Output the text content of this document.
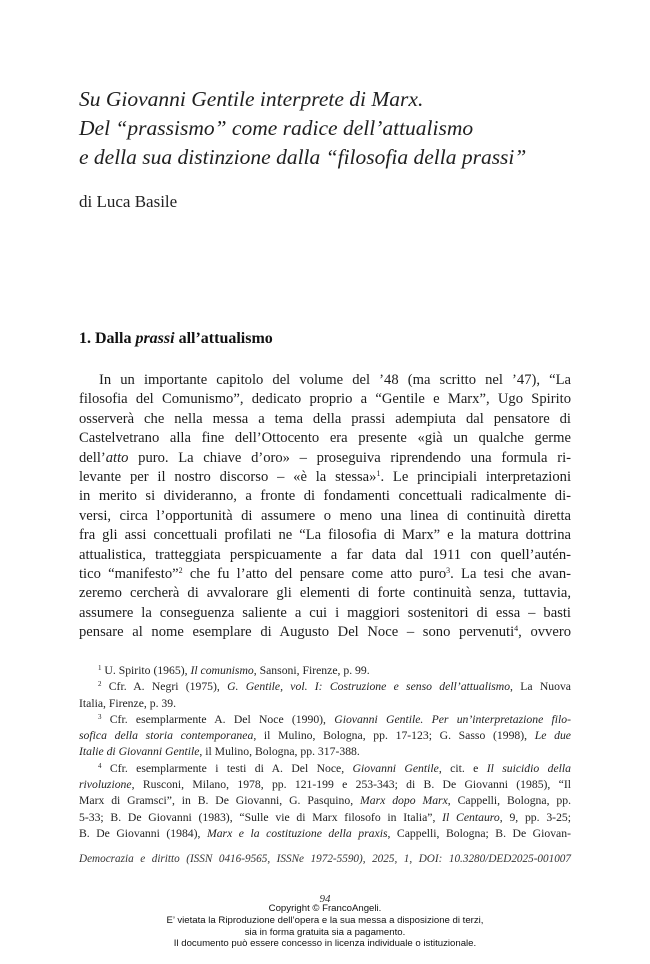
Su Giovanni Gentile interprete di Marx.
Del “prassismo” come radice dell’attualismo
e della sua distinzione dalla “filosofia della prassi”
di Luca Basile
1. Dalla prassi all’attualismo
In un importante capitolo del volume del ’48 (ma scritto nel ’47), “La
filosofia del Comunismo”, dedicato proprio a “Gentile e Marx”, Ugo Spirito
osserverà che nella messa a tema della prassi adempiuta dal pensatore di
Castelvetrano alla fine dell’Ottocento era presente «già un qualche germe
dell’atto puro. La chiave d’oro» – proseguiva riprendendo una formula ri-
levante per il nostro discorso – «è la stessa»$^1$. Le principiali interpretazioni
in merito si divideranno, a fronte di fondamenti concettuali radicalmente di-
versi, circa l’opportunità di assumere o meno una linea di continuità diretta
fra gli assi concettuali profilati ne “La filosofia di Marx” e la matura dottrina
attualistica, tratteggiata perspicuamente a far data dal 1911 con quell’autén-
tico “manifesto”$^2$ che fu l’atto del pensare come atto puro$^3$. La tesi che avan-
zeremo cercherà di avvalorare gli elementi di forte continuità senza, tuttavia,
assumere la conseguenza saliente a cui i maggiori sostenitori di essa – basti
pensare al nome esemplare di Augusto Del Noce – sono pervenuti$^4$, ovvero
$^1$ U. Spirito (1965), Il comunismo, Sansoni, Firenze, p. 99.
$^2$ Cfr. A. Negri (1975), G. Gentile, vol. I: Costruzione e senso dell’attualismo, La Nuova
Italia, Firenze, p. 39.
$^3$ Cfr. esemplarmente A. Del Noce (1990), Giovanni Gentile. Per un’interpretazione filo-
sofica della storia contemporanea, il Mulino, Bologna, pp. 17-123; G. Sasso (1998), Le due
Italie di Giovanni Gentile, il Mulino, Bologna, pp. 317-388.
$^4$ Cfr. esemplarmente i testi di A. Del Noce, Giovanni Gentile, cit. e Il suicidio della
rivoluzione, Rusconi, Milano, 1978, pp. 121-199 e 253-343; di B. De Giovanni (1985), “Il
Marx di Gramsci”, in B. De Giovanni, G. Pasquino, Marx dopo Marx, Cappelli, Bologna, pp.
5-33; B. De Giovanni (1983), “Sulle vie di Marx filosofo in Italia”, Il Centauro, 9, pp. 3-25;
B. De Giovanni (1984), Marx e la costituzione della praxis, Cappelli, Bologna; B. De Giovan-
Democrazia e diritto (ISSN 0416-9565, ISSNe 1972-5590), 2025, 1, DOI: 10.3280/DED2025-001007
94
Copyright © FrancoAngeli.
E’ vietata la Riproduzione dell’opera e la sua messa a disposizione di terzi,
sia in forma gratuita sia a pagamento.
Il documento può essere concesso in licenza individuale o istituzionale.
